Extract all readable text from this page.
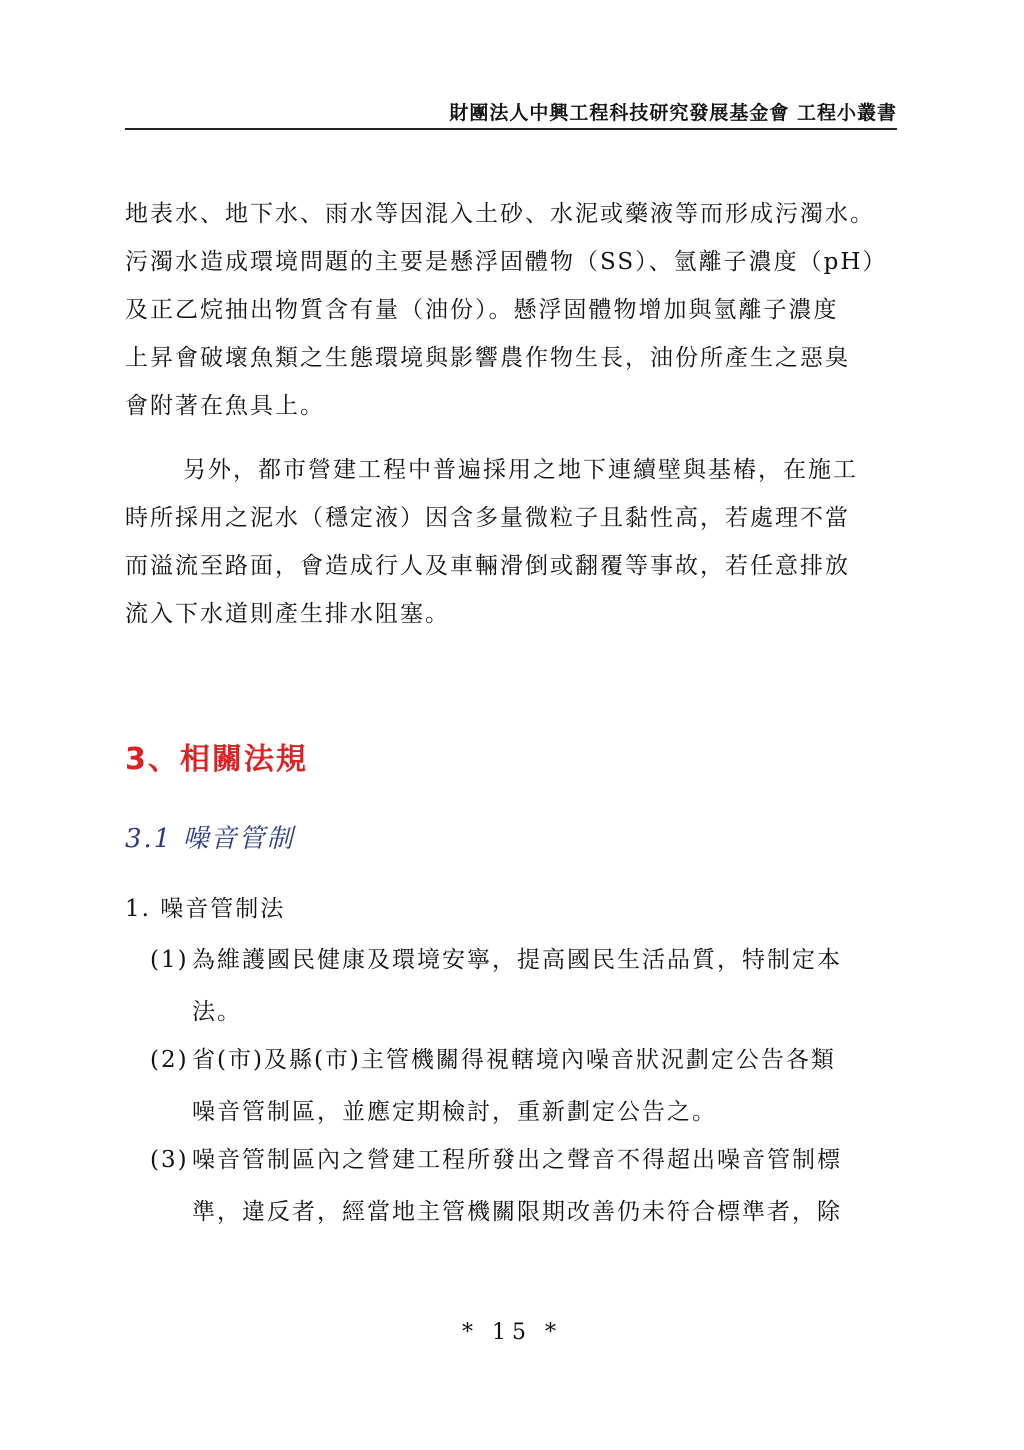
財團法人中興工程科技研究發展基金會 工程小叢書
地表水、地下水、雨水等因混入土砂、水泥或藥液等而形成污濁水。
污濁水造成環境問題的主要是懸浮固體物（SS）、氫離子濃度（pH）
及正乙烷抽出物質含有量（油份）。懸浮固體物增加與氫離子濃度
上昇會破壞魚類之生態環境與影響農作物生長，油份所產生之惡臭
會附著在魚具上。
另外，都市營建工程中普遍採用之地下連續壁與基樁，在施工
時所採用之泥水（穩定液）因含多量微粒子且黏性高，若處理不當
而溢流至路面，會造成行人及車輛滑倒或翻覆等事故，若任意排放
流入下水道則產生排水阻塞。
3、相關法規
3.1 噪音管制
1. 噪音管制法
(1) 為維護國民健康及環境安寧，提高國民生活品質，特制定本
法。
(2) 省(市)及縣(市)主管機關得視轄境內噪音狀況劃定公告各類
噪音管制區，並應定期檢討，重新劃定公告之。
(3) 噪音管制區內之營建工程所發出之聲音不得超出噪音管制標
準，違反者，經當地主管機關限期改善仍未符合標準者，除
* 15 *
